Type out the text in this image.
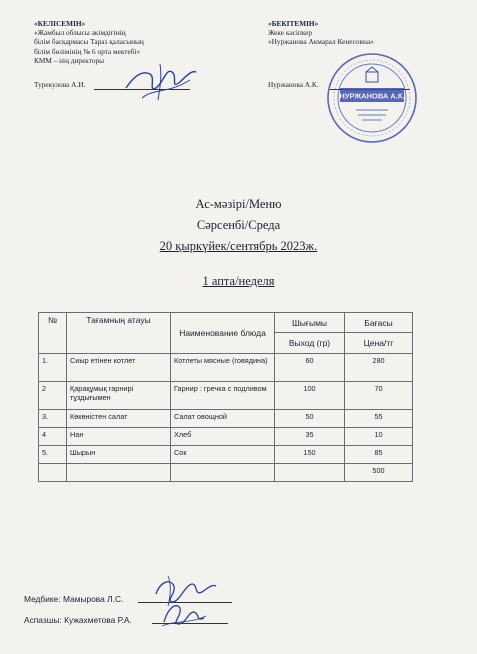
«КЕЛІСЕМІН»
«Жамбыл облысы әкімдігінің
білім басқармасы Тараз қаласының
білім бөлімінің № 6 орта мектебі»
КММ – нің директоры
Турекулова А.И.
«БЕКІТЕМІН»
Жеке кәсіпкер
«Нуржанова Акмарал Кенесовна»
Нуржанова А.К.
НУРЖАНОВА А.К.
Ас-мәзірі/Меню
Сәрсенбі/Среда
20 қыркүйек/сентябрь 2023ж.
1 апта/неделя
№	Тағамның атауы	Наименование блюда	Шығымы	Бағасы
			Выход (гр)	Цена/тг
1.	Сиыр етінен котлет	Котлеты мясные (говядина)	60	280
2	Қарақұмық гарнирі тұздығымен	Гарнир : гречка с подливом	100	70
3.	Көкөністен салат	Салат овощной	50	55
4	Нан	Хлеб	35	10
5.	Шырын	Сок	150	85
				500
Медбике: Мамырова Л.С.
Аспазшы: Кужахметова Р.А.
